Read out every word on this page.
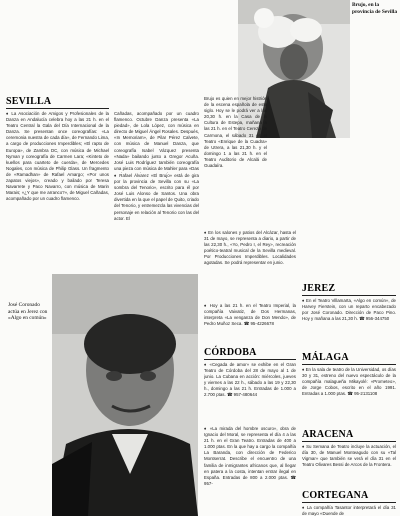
Brujo, en la provincia de Sevilla
SEVILLA

♦ La Asociación de Amigos y Profesionales de la Danza en Andalucía celebra hoy a las 21 h. en el Teatro Central la Gala del Día Internacional de la Danza. Se presentan once coreografías: «La ceremonia nuestra de cada día», de Fernando Lima, a cargo de producciones Imperdibles; «El rapto de Europa», de Zambra DC, con música de Michael Nyman y coreografía de Carmen Lara; «Kinteto de kuellos para cuarteto de cuerda», de Mercedes Nogales, con música de Philip Glass. Un fragmento de «Ramadhan» de Rafael Amargo; «Por unos zapatos viejos», creado y bailado por Teresa Navarrete y Paco Navarro, con música de Marin Marais; «¿Y que me arranco?», de Miguel Cañadas, acompañado por un cuadro flamenco.

Cañadas, acompañado por un cuadro flamenco. Octubre Danza presenta «La piedad», de Lola López, con música en directo de Miguel Ángel Rosales. Después, «In Memoriam», de Pilar Pérez Calvete, con música de Manuel Danza, que coreografía Isabel Vázquez presenta «Nada» bailando junto a Gregor Acuña. José Luis Rodríguez también coreografía una pieza con música de Mahler para «Das

♦ Rafael Álvarez «El Brujo» está de gira por la provincia de Sevilla con su «La sombra del Tenorio», escrito para él por José Luis Alonso de Santos. Una obra divertida en la que el papel de Quito, criado del Tenorio, y entremezcla las vivencias del personaje en relación al Tenorio con las del actor. El

Brujo es quien en mejor histrión de la escena española de este siglo. Hoy se le podrá ver a las 20,30 h. en la Casa de la Cultura de Estepa, mañana a las 21 h. en el Teatro Cerezo de Carmona, el sábado 31 en el Teatro «Enrique de la Cuadra» de Utrera, a las 21,30 h. y el domingo 1 a las 21 h. en el Teatro Auditorio de Alcalá de Guadaíra.

♦ En los salones y patios del Alcázar, hasta el 31 de mayo, se representa a diario, a partir de las 22,30 h., «Yo, Pedro I, el Rey», recreación poético-teatral musical de la Sevilla medieval. Por Producciones Imperdibles. Localidades agotadas. Se podrá representar en junio.

♦ Hoy a las 21 h. en el Teatro Imperial, la compañía Vaivatiz, de Dos Hermanas, interpreta «La venganza de Don Mendo», de Pedro Muñoz Seca. ☎ 95-4226678

CÓRDOBA

♦ «Cegada de amor» se exhibe en el Gran Teatro de Córdoba del 28 de mayo al 1 de junio. La Cubana en acción: miércoles, jueves y viernes a las 22 h., sábado a las 19 y 22,30 h., domingo a las 21 h. Entradas de 1.000 a 2.700 ptas. ☎ 957-480644

♦ «La mirada del hombre oscuro», obra de Ignacio del Moral, se representa el día 4 a las 21 h. en el Gran Teatro. Entradas de 400 a 1.000 ptas. En la que hay a cargo la compañía La Baranda, con dirección de Federico Montserrat. Describe el encuentro de una familia de inmigrantes africanos que, al llegar en patera a la costa, intentan entrar ilegal en España. Entradas de 800 a 2.000 ptas. ☎ 957-

José Coronado actúa en Jerez con «Algo en común»
JEREZ

♦ En el Teatro Villamarta, «Algo en común», de Harvey Fierstein, con un reparto encabezado por José Coronado. Dirección de Paco Pino. Hoy y mañana a las 21,30 h. ☎ 956-344750

MÁLAGA

♦ En la sala de teatro de la Universidad, os días 30 y 31, estreno del nuevo espectáculo de la compañía malagueña Mikayolé: «Prometeo», de Jorge Cobos, escrito en el año 1991. Entradas a 1.000 ptas. ☎ 95-2131108

ARACENA

♦ Su Semana de Teatro incluye la actuación, el día 30, de Manuel Monteagudo con su «Tal Vigmar» que también se verá el día 31 en el Teatro Olivares Bessi de Arcos de la Frontera.

CORTEGANA

♦ La compañía Tasantor interpretará el día 31 de mayo «Duende de
